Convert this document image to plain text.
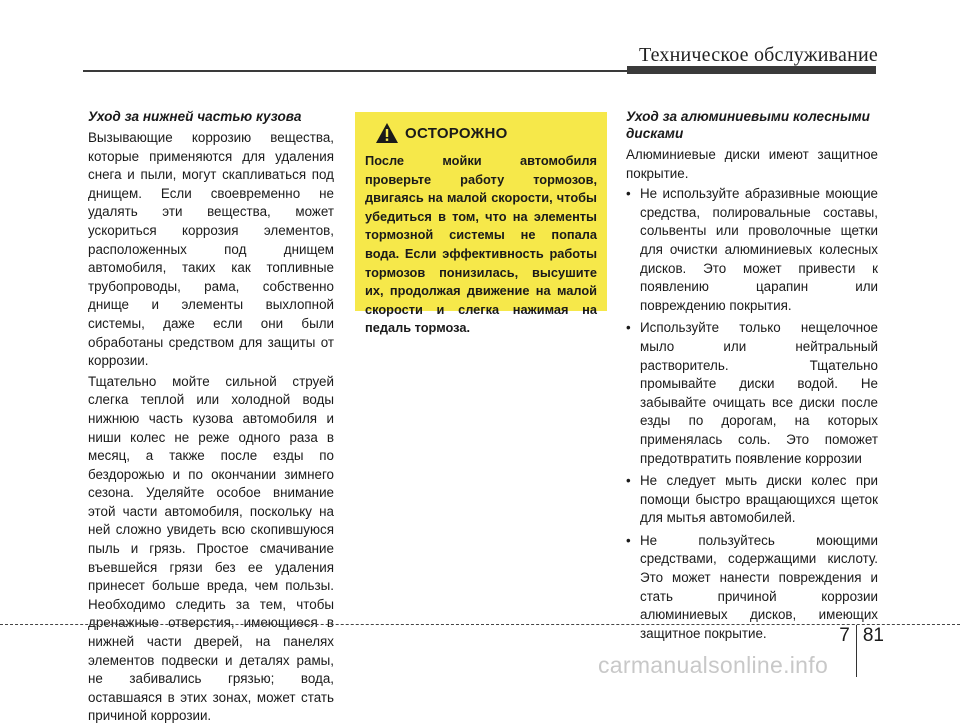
Техническое обслуживание
Уход за нижней частью кузова

Вызывающие коррозию вещества, которые применяются для удаления снега и пыли, могут скапливаться под днищем. Если своевременно не удалять эти вещества, может ускориться коррозия элементов, расположенных под днищем автомобиля, таких как топливные трубопроводы, рама, собственно днище и элементы выхлопной системы, даже если они были обработаны средством для защиты от коррозии.

Тщательно мойте сильной струей слегка теплой или холодной воды нижнюю часть кузова автомобиля и ниши колес не реже одного раза в месяц, а также после езды по бездорожью и по окончании зимнего сезона. Уделяйте особое внимание этой части автомобиля, поскольку на ней сложно увидеть всю скопившуюся пыль и грязь. Простое смачивание въевшейся грязи без ее удаления принесет больше вреда, чем пользы. Необходимо следить за тем, чтобы дренажные отверстия, имеющиеся в нижней части дверей, на панелях элементов подвески и деталях рамы, не забивались грязью; вода, оставшаяся в этих зонах, может стать причиной коррозии.

ОСТОРОЖНО

После мойки автомобиля проверьте работу тормозов, двигаясь на малой скорости, чтобы убедиться в том, что на элементы тормозной системы не попала вода. Если эффективность работы тормозов понизилась, высушите их, продолжая движение на малой скорости и слегка нажимая на педаль тормоза.

Уход за алюминиевыми колесными дисками

Алюминиевые диски имеют защитное покрытие.

• Не используйте абразивные моющие средства, полировальные составы, сольвенты или проволочные щетки для очистки алюминиевых колесных дисков. Это может привести к появлению царапин или повреждению покрытия.
• Используйте только нещелочное мыло или нейтральный растворитель. Тщательно промывайте диски водой. Не забывайте очищать все диски после езды по дорогам, на которых применялась соль. Это поможет предотвратить появление коррозии
• Не следует мыть диски колес при помощи быстро вращающихся щеток для мытья автомобилей.
• Не пользуйтесь моющими средствами, содержащими кислоту. Это может нанести повреждения и стать причиной коррозии алюминиевых дисков, имеющих защитное покрытие.	7 81
carmanualsonline.info
